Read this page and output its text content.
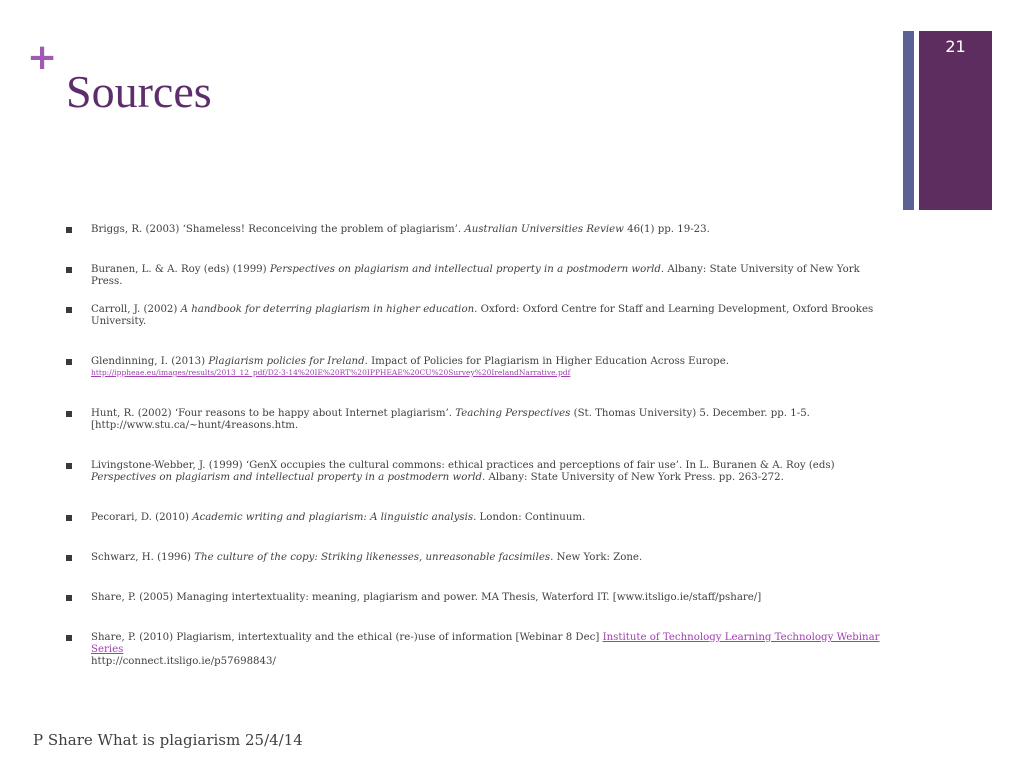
+
Sources
21
Briggs, R. (2003) ‘Shameless! Reconceiving the problem of plagiarism’. Australian Universities Review 46(1) pp. 19-23.
Buranen, L. & A. Roy (eds) (1999) Perspectives on plagiarism and intellectual property in a postmodern world. Albany: State University of New York Press.
Carroll, J. (2002) A handbook for deterring plagiarism in higher education. Oxford: Oxford Centre for Staff and Learning Development, Oxford Brookes University.
Glendinning, I. (2013) Plagiarism policies for Ireland. Impact of Policies for Plagiarism in Higher Education Across Europe.
http://ippheae.eu/images/results/2013_12_pdf/D2-3-14%20IE%20RT%20IPPHEAE%20CU%20Survey%20IrelandNarrative.pdf
Hunt, R. (2002) ‘Four reasons to be happy about Internet plagiarism’. Teaching Perspectives (St. Thomas University) 5. December. pp. 1-5. [http://www.stu.ca/~hunt/4reasons.htm.
Livingstone-Webber, J. (1999) ‘GenX occupies the cultural commons: ethical practices and perceptions of fair use’. In L. Buranen & A. Roy (eds) Perspectives on plagiarism and intellectual property in a postmodern world. Albany: State University of New York Press. pp. 263-272.
Pecorari, D. (2010) Academic writing and plagiarism: A linguistic analysis. London: Continuum.
Schwarz, H. (1996) The culture of the copy: Striking likenesses, unreasonable facsimiles. New York: Zone.
Share, P. (2005) Managing intertextuality: meaning, plagiarism and power. MA Thesis, Waterford IT. [www.itsligo.ie/staff/pshare/]
Share, P. (2010) Plagiarism, intertextuality and the ethical (re-)use of information [Webinar 8 Dec] Institute of Technology Learning Technology Webinar Series
http://connect.itsligo.ie/p57698843/
P Share What is plagiarism 25/4/14
